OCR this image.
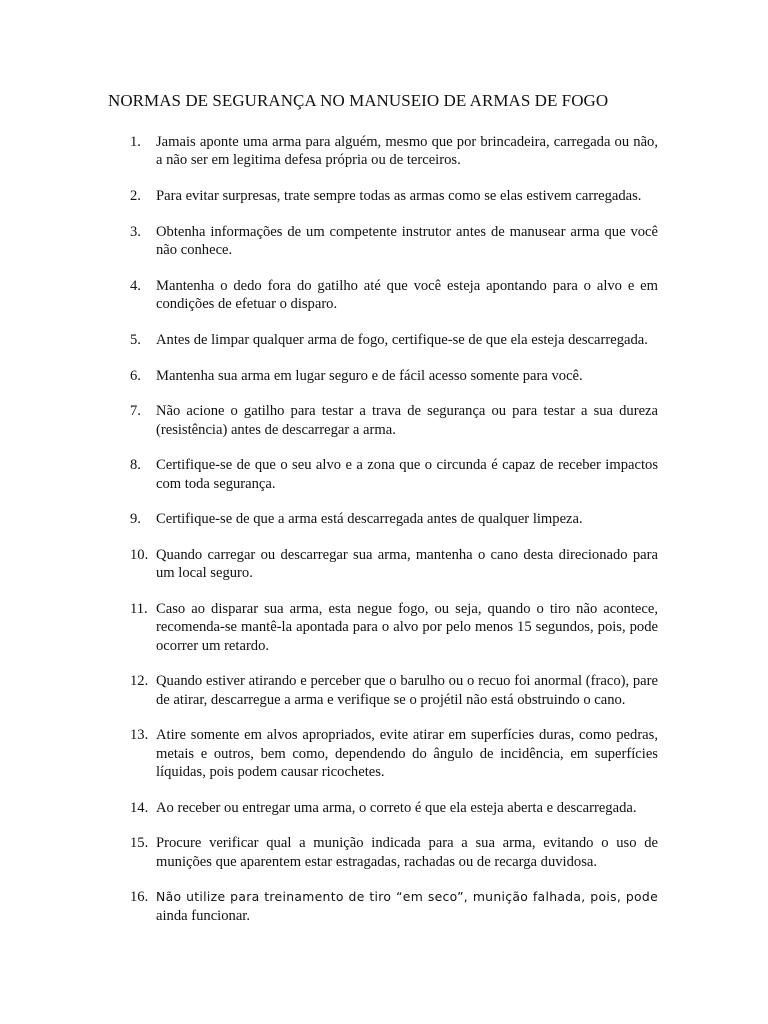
NORMAS DE SEGURANÇA NO MANUSEIO DE ARMAS DE FOGO
1.	Jamais aponte uma arma para alguém, mesmo que por brincadeira, carregada ou não, a não ser em legitima defesa própria ou de terceiros.
2.	Para evitar surpresas, trate sempre todas as armas como se elas estivem carregadas.
3.	Obtenha informações de um competente instrutor antes de manusear arma que você não conhece.
4.	Mantenha o dedo fora do gatilho até que você esteja apontando para o alvo e em condições de efetuar o disparo.
5.	Antes de limpar qualquer arma de fogo, certifique-se de que ela esteja descarregada.
6.	Mantenha sua arma em lugar seguro e de fácil acesso somente para você.
7.	Não acione o gatilho para testar a trava de segurança ou para testar a sua dureza (resistência) antes de descarregar a arma.
8.	Certifique-se de que o seu alvo e a zona que o circunda é capaz de receber impactos com toda segurança.
9.	Certifique-se de que a arma está descarregada antes de qualquer limpeza.
10. Quando carregar ou descarregar sua arma, mantenha o cano desta direcionado para um local seguro.
11. Caso ao disparar sua arma, esta negue fogo, ou seja, quando o tiro não acontece, recomenda-se mantê-la apontada para o alvo por pelo menos 15 segundos, pois, pode ocorrer um retardo.
12. Quando estiver atirando e perceber que o barulho ou o recuo foi anormal (fraco), pare de atirar, descarregue a arma e verifique se o projétil não está obstruindo o cano.
13. Atire somente em alvos apropriados, evite atirar em superfícies duras, como pedras, metais e outros, bem como, dependendo do ângulo de incidência, em superfícies líquidas, pois podem causar ricochetes.
14. Ao receber ou entregar uma arma, o correto é que ela esteja aberta e descarregada.
15. Procure verificar qual a munição indicada para a sua arma, evitando o uso de munições que aparentem estar estragadas, rachadas ou de recarga duvidosa.
16. Não utilize para treinamento de tiro “em seco”, munição falhada, pois, pode ainda funcionar.
